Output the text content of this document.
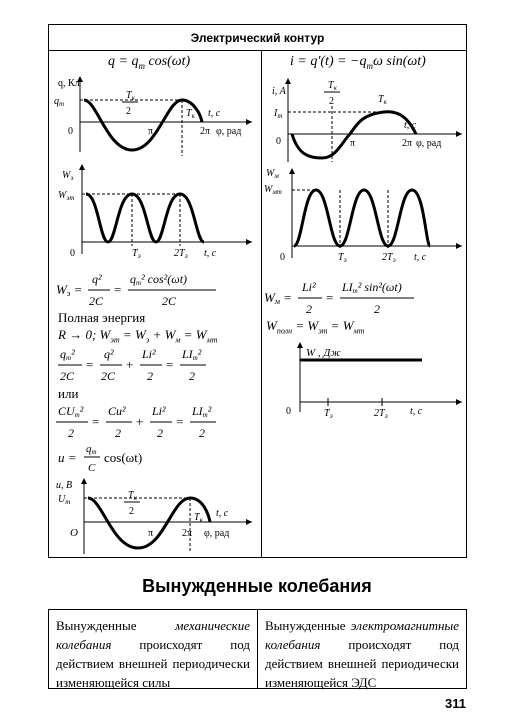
Электрический контур
$q = q_m$ cos(ωt)
q, Кл
$q_m$
$T_к$
2
0	π
$T_к$ t, c
2π φ, рад
$W_э$
$W_{эm}$
0	$T_э$	$2T_э$ t, c
Wэ =
q²
2C
=
qm² cos²(ωt)
2C
Полная энергия
R → 0; $W_{эm} = W_э + W_м = W_{мт}$
qm²
2C
=
q²
2C
+
Li²
2
=
LIm²
2
или
CUm²
2
=
Cu²
2
+
Li²
2
=
LIm²
2
u =
qm
C
cos(ωt)
u, B
$U_m$
$T_к$
2
O	π	2π
$T_к$
t, c
φ, рад
$i = q'(t) = -q_m\omega$ sin(ωt)
i, A
$I_m$
$T_к$
2	$T_к$
0	π	2π
t, c
φ, рад
$W_м$
$W_{мт}$
0	$T_э$	$2T_э$ t, c
Wм =
Li²
2
=
LIm² sin²(ωt)
2
$W_{полн} = W_{эт} = W_{мт}$
W , Дж
0	$T_э$	$2T_э$ t, c
Вынужденные колебания
Вынужденные механические колебания происходят под действием внешней периодически изменяющейся силы
Вынужденные электромагнитные колебания происходят под действием внешней периодически изменяющейся ЭДС
311
